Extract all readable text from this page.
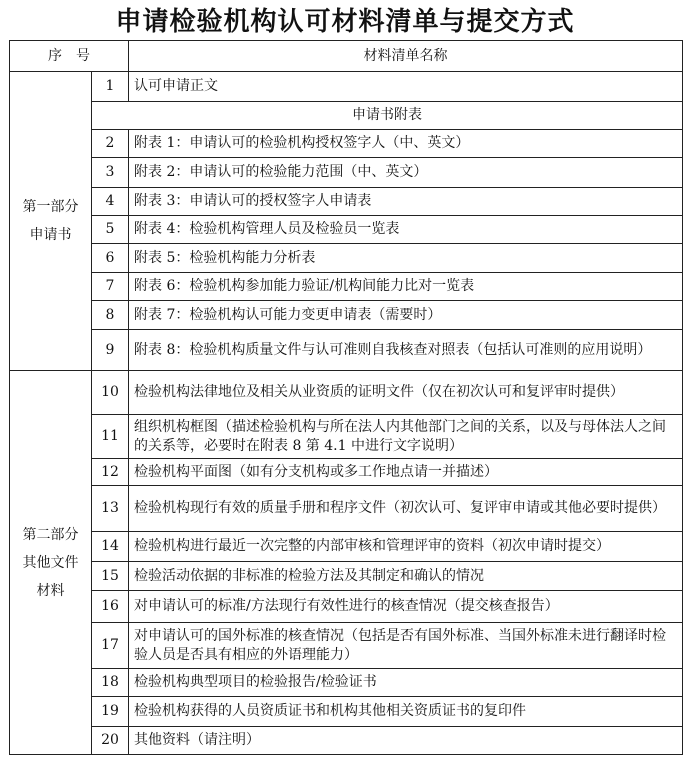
申请检验机构认可材料清单与提交方式
序　号		材料清单名称

第一部分
申请书	1	认可申请正文
	申请书附表	
	2	附表 1：申请认可的检验机构授权签字人（中、英文）
	3	附表 2：申请认可的检验能力范围（中、英文）
	4	附表 3：申请认可的授权签字人申请表
	5	附表 4：检验机构管理人员及检验员一览表
	6	附表 5：检验机构能力分析表
	7	附表 6：检验机构参加能力验证/机构间能力比对一览表
	8	附表 7：检验机构认可能力变更申请表（需要时）
	9	附表 8：检验机构质量文件与认可准则自我核查对照表（包括认可准则的应用说明）

第二部分
其他文件
材料	10	检验机构法律地位及相关从业资质的证明文件（仅在初次认可和复评审时提供）
	11	组织机构框图（描述检验机构与所在法人内其他部门之间的关系，以及与母体法人之间的关系等，必要时在附表 8 第 4.1 中进行文字说明）
	12	检验机构平面图（如有分支机构或多工作地点请一并描述）
	13	检验机构现行有效的质量手册和程序文件（初次认可、复评审申请或其他必要时提供）
	14	检验机构进行最近一次完整的内部审核和管理评审的资料（初次申请时提交）
	15	检验活动依据的非标准的检验方法及其制定和确认的情况
	16	对申请认可的标准/方法现行有效性进行的核查情况（提交核查报告）
	17	对申请认可的国外标准的核查情况（包括是否有国外标准、当国外标准未进行翻译时检验人员是否具有相应的外语理能力）
	18	检验机构典型项目的检验报告/检验证书
	19	检验机构获得的人员资质证书和机构其他相关资质证书的复印件
	20	其他资料（请注明）
